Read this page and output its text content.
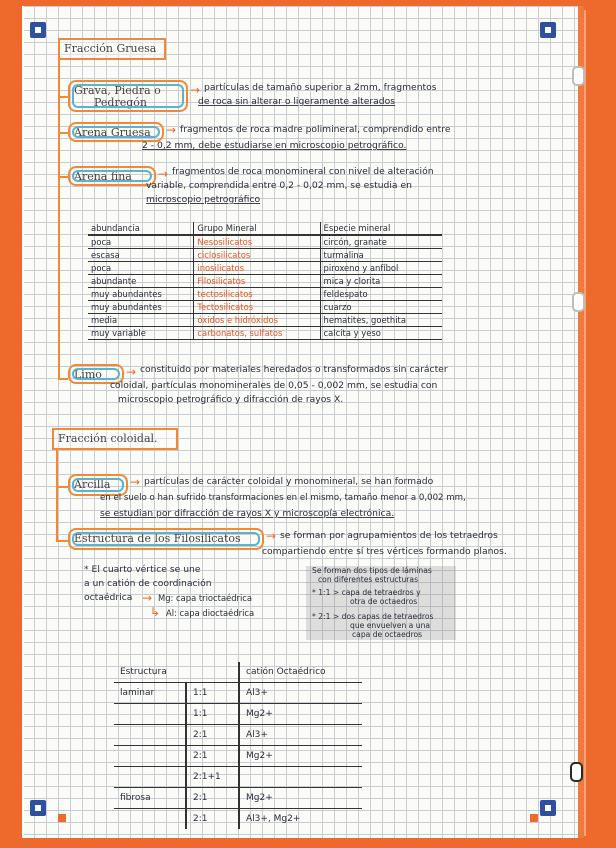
Fracción Gruesa
Grava, Piedra o
Pedregón
→ partículas de tamaño superior a 2mm, fragmentos
de roca sin alterar o ligeramente alterados
Arena Gruesa	→ fragmentos de roca madre polimineral, comprendido entre
2 - 0,2 mm, debe estudiarse en microscopio petrográfico.
Arena fina	→ fragmentos de roca monomineral con nivel de alteración
variable, comprendida entre 0,2 - 0,02 mm, se estudia en
microscopio petrográfico
abundancia	Grupo Mineral	Especie mineral
poca	Nesosilicatos	circón, granate
escasa	ciclosilicatos	turmalina
poca	inosilicatos	piroxeno y anfíbol
abundante	Filosilicatos	mica y clorita
muy abundantes	tectosilicatos	feldespato
muy abundantes	Tectosilicatos	cuarzo
media	óxidos e hidróxidos	hematites, goethita
muy variable	carbonatos, sulfatos	calcita y yeso
Limo	→ constituido por materiales heredados o transformados sin carácter
coloidal, partículas monominerales de 0,05 - 0,002 mm, se estudia con
microscopio petrográfico y difracción de rayos X.
Fracción coloidal.
Arcilla	→ partículas de carácter coloidal y monomineral, se han formado
en el suelo o han sufrido transformaciones en el mismo, tamaño menor a 0,002 mm,
se estudian por difracción de rayos X y microscopía electrónica.
Estructura de los Filosilicatos	→ se forman por agrupamientos de los tetraedros
compartiendo entre sí tres vértices formando planos.
* El cuarto vértice se une
a un catión de coordinación
octaédrica → Mg: capa trioctaédrica
↳ Al: capa dioctaédrica
Se forman dos tipos de láminas
con diferentes estructuras
* 1:1 > capa de tetraedros y
otra de octaedros
* 2:1 > dos capas de tetraedros
que envuelven a una
capa de octaedros
Estructura		catión Octaédrico
laminar	1:1	Al3+
	1:1	Mg2+
	2:1	Al3+
	2:1	Mg2+
	2:1+1	
fibrosa	2:1	Mg2+
	2:1	Al3+, Mg2+
